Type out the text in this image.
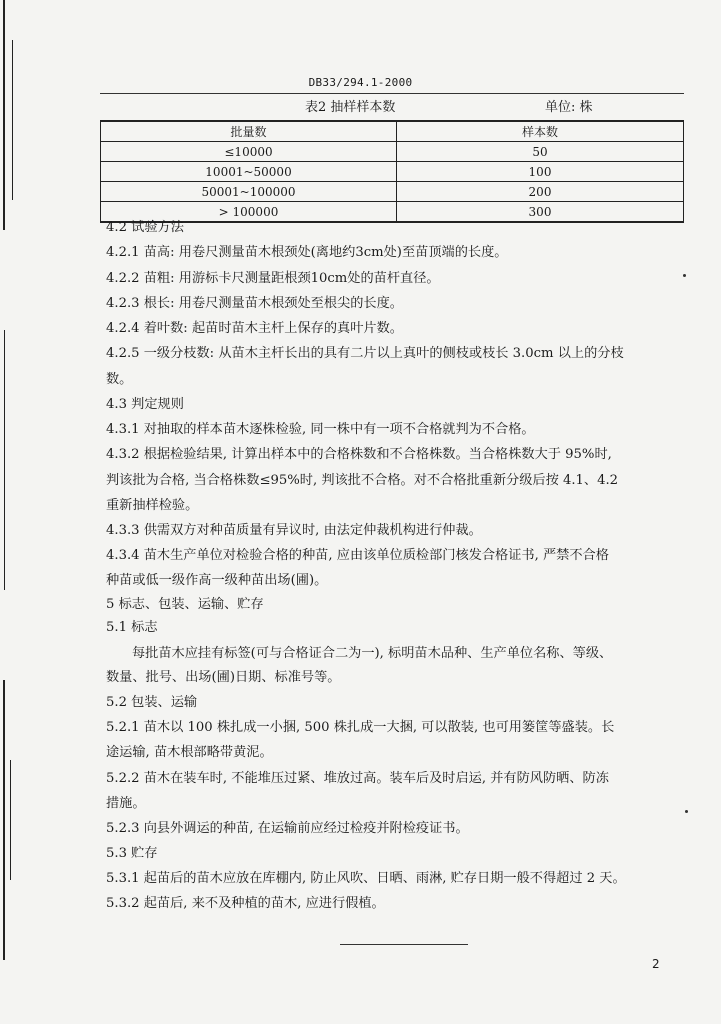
DB33/294.1-2000
表2 抽样样本数	单位: 株
批量数	样本数
≤10000	50
10001~50000	100
50001~100000	200
> 100000	300
4.2 试验方法
4.2.1 苗高: 用卷尺测量苗木根颈处(离地约3cm处)至苗顶端的长度。
4.2.2 苗粗: 用游标卡尺测量距根颈10cm处的苗杆直径。
4.2.3 根长: 用卷尺测量苗木根颈处至根尖的长度。
4.2.4 着叶数: 起苗时苗木主杆上保存的真叶片数。
4.2.5 一级分枝数: 从苗木主杆长出的具有二片以上真叶的侧枝或枝长 3.0cm 以上的分枝
数。
4.3 判定规则
4.3.1 对抽取的样本苗木逐株检验, 同一株中有一项不合格就判为不合格。
4.3.2 根据检验结果, 计算出样本中的合格株数和不合格株数。当合格株数大于 95%时,
判该批为合格, 当合格株数≤95%时, 判该批不合格。对不合格批重新分级后按 4.1、4.2
重新抽样检验。
4.3.3 供需双方对种苗质量有异议时, 由法定仲裁机构进行仲裁。
4.3.4 苗木生产单位对检验合格的种苗, 应由该单位质检部门核发合格证书, 严禁不合格
种苗或低一级作高一级种苗出场(圃)。
5 标志、包装、运输、贮存
5.1 标志
每批苗木应挂有标签(可与合格证合二为一), 标明苗木品种、生产单位名称、等级、
数量、批号、出场(圃)日期、标准号等。
5.2 包装、运输
5.2.1 苗木以 100 株扎成一小捆, 500 株扎成一大捆, 可以散装, 也可用篓筐等盛装。长
途运输, 苗木根部略带黄泥。
5.2.2 苗木在装车时, 不能堆压过紧、堆放过高。装车后及时启运, 并有防风防晒、防冻
措施。
5.2.3 向县外调运的种苗, 在运输前应经过检疫并附检疫证书。
5.3 贮存
5.3.1 起苗后的苗木应放在库棚内, 防止风吹、日晒、雨淋, 贮存日期一般不得超过 2 天。
5.3.2 起苗后, 来不及种植的苗木, 应进行假植。
2
